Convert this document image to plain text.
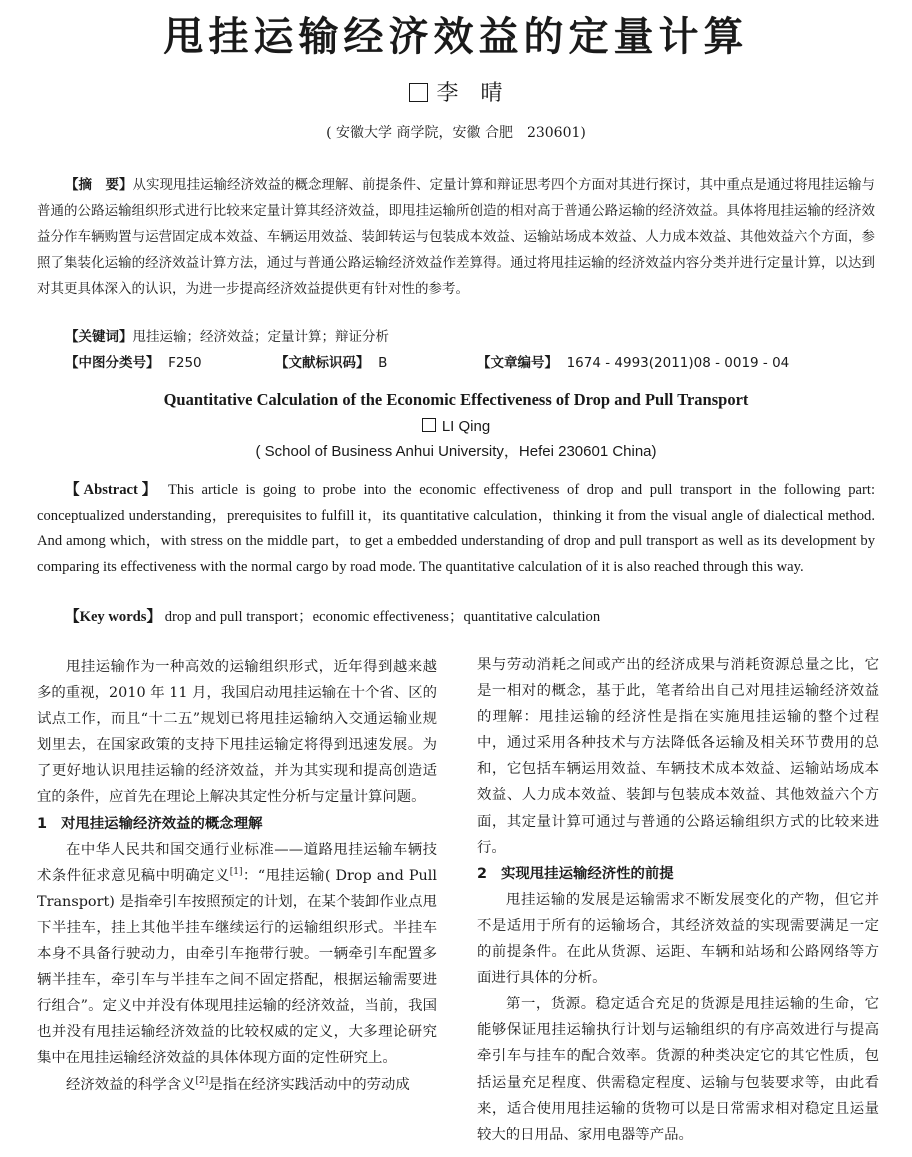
甩挂运输经济效益的定量计算
李　晴
( 安徽大学 商学院，安徽 合肥　230601)
【摘　要】从实现甩挂运输经济效益的概念理解、前提条件、定量计算和辩证思考四个方面对其进行探讨，其中重点是通过将甩挂运输与普通的公路运输组织形式进行比较来定量计算其经济效益，即甩挂运输所创造的相对高于普通公路运输的经济效益。具体将甩挂运输的经济效益分作车辆购置与运营固定成本效益、车辆运用效益、装卸转运与包装成本效益、运输站场成本效益、人力成本效益、其他效益六个方面，参照了集装化运输的经济效益计算方法，通过与普通公路运输经济效益作差算得。通过将甩挂运输的经济效益内容分类并进行定量计算，以达到对其更具体深入的认识，为进一步提高经济效益提供更有针对性的参考。
【关键词】甩挂运输；经济效益；定量计算；辩证分析
【中图分类号】 F250	【文献标识码】 B	【文章编号】 1674 - 4993(2011)08 - 0019 - 04
Quantitative Calculation of the Economic Effectiveness of Drop and Pull Transport
LI Qing
( School of Business Anhui University，Hefei 230601 China)
【Abstract】 This article is going to probe into the economic effectiveness of drop and pull transport in the following part: conceptualized understanding，prerequisites to fulfill it，its quantitative calculation，thinking it from the visual angle of dialectical method. And among which，with stress on the middle part，to get a embedded understanding of drop and pull transport as well as its development by comparing its effectiveness with the normal cargo by road mode. The quantitative calculation of it is also reached through this way.
【Key words】 drop and pull transport；economic effectiveness；quantitative calculation

甩挂运输作为一种高效的运输组织形式，近年得到越来越多的重视，2010 年 11 月，我国启动甩挂运输在十个省、区的试点工作，而且“十二五”规划已将甩挂运输纳入交通运输业规划里去，在国家政策的支持下甩挂运输定将得到迅速发展。为了更好地认识甩挂运输的经济效益，并为其实现和提高创造适宜的条件，应首先在理论上解决其定性分析与定量计算问题。

1 对甩挂运输经济效益的概念理解

在中华人民共和国交通行业标准——道路甩挂运输车辆技术条件征求意见稿中明确定义[1]：“甩挂运输( Drop and Pull Transport) 是指牵引车按照预定的计划，在某个装卸作业点甩下半挂车，挂上其他半挂车继续运行的运输组织形式。半挂车本身不具备行驶动力，由牵引车拖带行驶。一辆牵引车配置多辆半挂车，牵引车与半挂车之间不固定搭配，根据运输需要进行组合”。定义中并没有体现甩挂运输的经济效益，当前，我国也并没有甩挂运输经济效益的比较权威的定义，大多理论研究集中在甩挂运输经济效益的具体体现方面的定性研究上。

经济效益的科学含义[2]是指在经济实践活动中的劳动成

果与劳动消耗之间或产出的经济成果与消耗资源总量之比，它是一相对的概念，基于此，笔者给出自己对甩挂运输经济效益的理解：甩挂运输的经济性是指在实施甩挂运输的整个过程中，通过采用各种技术与方法降低各运输及相关环节费用的总和，它包括车辆运用效益、车辆技术成本效益、运输站场成本效益、人力成本效益、装卸与包装成本效益、其他效益六个方面，其定量计算可通过与普通的公路运输组织方式的比较来进行。

2 实现甩挂运输经济性的前提

甩挂运输的发展是运输需求不断发展变化的产物，但它并不是适用于所有的运输场合，其经济效益的实现需要满足一定的前提条件。在此从货源、运距、车辆和站场和公路网络等方面进行具体的分析。

第一，货源。稳定适合充足的货源是甩挂运输的生命，它能够保证甩挂运输执行计划与运输组织的有序高效进行与提高牵引车与挂车的配合效率。货源的种类决定它的其它性质，包括运量充足程度、供需稳定程度、运输与包装要求等，由此看来，适合使用甩挂运输的货物可以是日常需求相对稳定且运量较大的日用品、家用电器等产品。
